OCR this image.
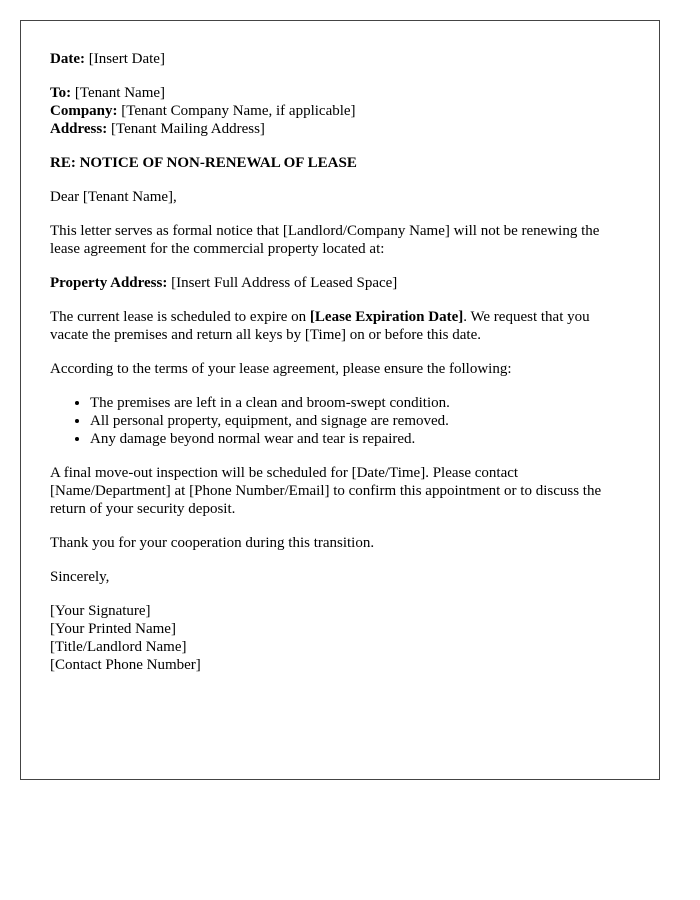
Date: [Insert Date]
To: [Tenant Name]
Company: [Tenant Company Name, if applicable]
Address: [Tenant Mailing Address]
RE: NOTICE OF NON-RENEWAL OF LEASE
Dear [Tenant Name],
This letter serves as formal notice that [Landlord/Company Name] will not be renewing the lease agreement for the commercial property located at:
Property Address: [Insert Full Address of Leased Space]
The current lease is scheduled to expire on [Lease Expiration Date]. We request that you vacate the premises and return all keys by [Time] on or before this date.
According to the terms of your lease agreement, please ensure the following:
• The premises are left in a clean and broom-swept condition.
• All personal property, equipment, and signage are removed.
• Any damage beyond normal wear and tear is repaired.
A final move-out inspection will be scheduled for [Date/Time]. Please contact [Name/Department] at [Phone Number/Email] to confirm this appointment or to discuss the return of your security deposit.
Thank you for your cooperation during this transition.
Sincerely,
[Your Signature]
[Your Printed Name]
[Title/Landlord Name]
[Contact Phone Number]
